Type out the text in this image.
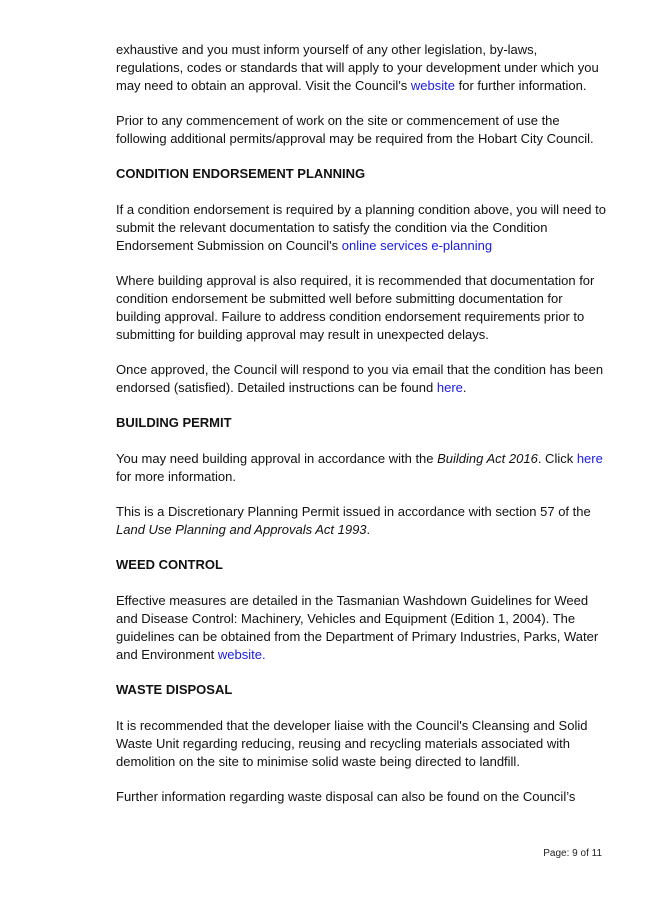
exhaustive and you must inform yourself of any other legislation, by-laws, regulations, codes or standards that will apply to your development under which you may need to obtain an approval. Visit the Council's website for further information.

Prior to any commencement of work on the site or commencement of use the following additional permits/approval may be required from the Hobart City Council.

CONDITION ENDORSEMENT PLANNING

If a condition endorsement is required by a planning condition above, you will need to submit the relevant documentation to satisfy the condition via the Condition Endorsement Submission on Council's online services e-planning

Where building approval is also required, it is recommended that documentation for condition endorsement be submitted well before submitting documentation for building approval. Failure to address condition endorsement requirements prior to submitting for building approval may result in unexpected delays.

Once approved, the Council will respond to you via email that the condition has been endorsed (satisfied). Detailed instructions can be found here.

BUILDING PERMIT

You may need building approval in accordance with the Building Act 2016. Click here for more information.

This is a Discretionary Planning Permit issued in accordance with section 57 of the Land Use Planning and Approvals Act 1993.

WEED CONTROL

Effective measures are detailed in the Tasmanian Washdown Guidelines for Weed and Disease Control: Machinery, Vehicles and Equipment (Edition 1, 2004). The guidelines can be obtained from the Department of Primary Industries, Parks, Water and Environment website.

WASTE DISPOSAL

It is recommended that the developer liaise with the Council's Cleansing and Solid Waste Unit regarding reducing, reusing and recycling materials associated with demolition on the site to minimise solid waste being directed to landfill.

Further information regarding waste disposal can also be found on the Council’s

Page: 9 of 11
